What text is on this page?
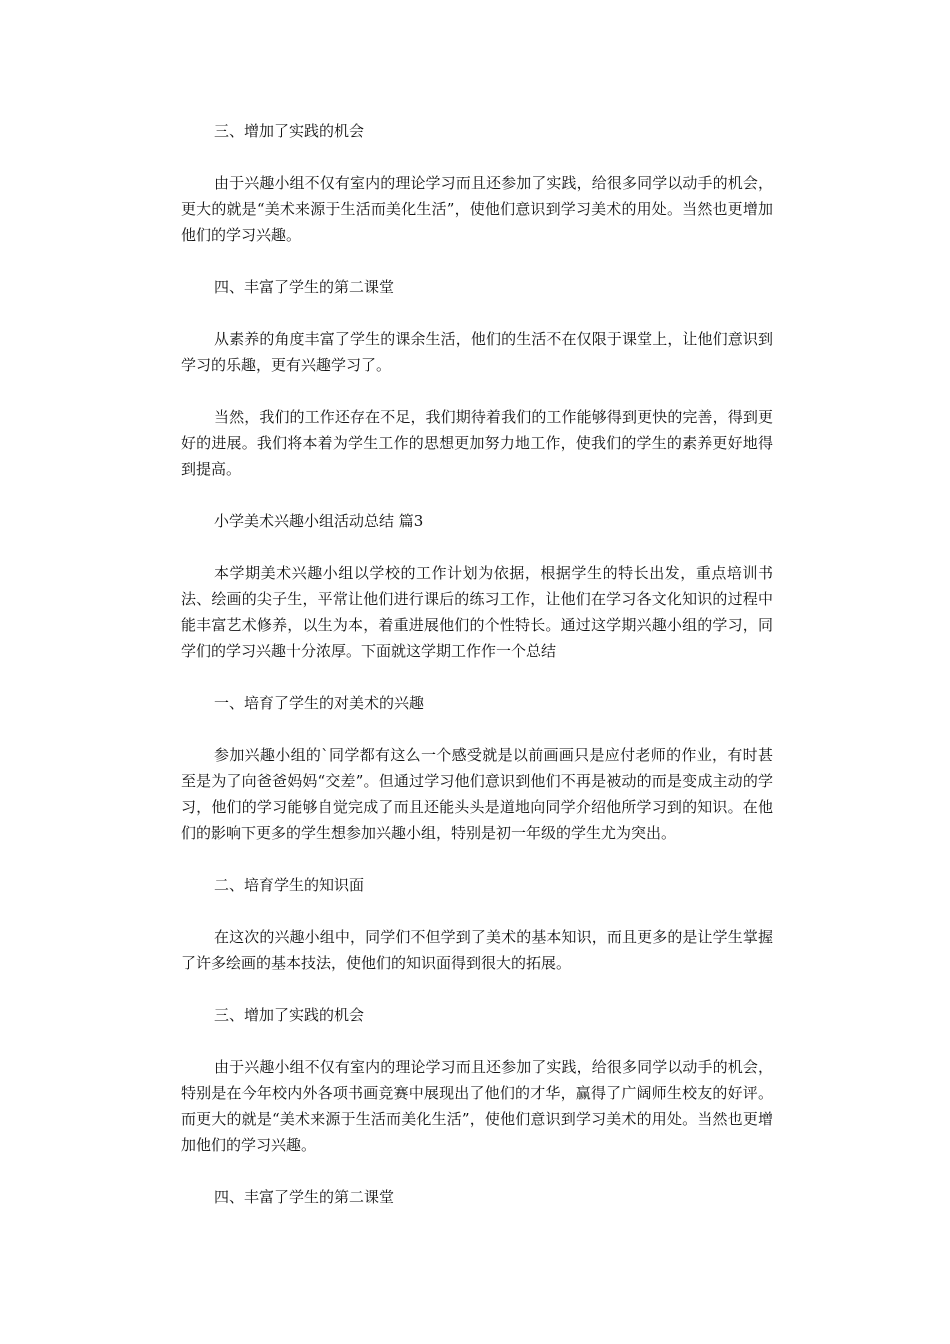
三、增加了实践的机会

由于兴趣小组不仅有室内的理论学习而且还参加了实践，给很多同学以动手的机会，更大的就是“美术来源于生活而美化生活”，使他们意识到学习美术的用处。当然也更增加他们的学习兴趣。

四、丰富了学生的第二课堂

从素养的角度丰富了学生的课余生活，他们的生活不在仅限于课堂上，让他们意识到学习的乐趣，更有兴趣学习了。

当然，我们的工作还存在不足，我们期待着我们的工作能够得到更快的完善，得到更好的进展。我们将本着为学生工作的思想更加努力地工作，使我们的学生的素养更好地得到提高。

小学美术兴趣小组活动总结 篇3

本学期美术兴趣小组以学校的工作计划为依据，根据学生的特长出发，重点培训书法、绘画的尖子生，平常让他们进行课后的练习工作，让他们在学习各文化知识的过程中能丰富艺术修养，以生为本，着重进展他们的个性特长。通过这学期兴趣小组的学习，同学们的学习兴趣十分浓厚。下面就这学期工作作一个总结

一、培育了学生的对美术的兴趣

参加兴趣小组的`同学都有这么一个感受就是以前画画只是应付老师的作业，有时甚至是为了向爸爸妈妈“交差”。但通过学习他们意识到他们不再是被动的而是变成主动的学习，他们的学习能够自觉完成了而且还能头头是道地向同学介绍他所学习到的知识。在他们的影响下更多的学生想参加兴趣小组，特别是初一年级的学生尤为突出。

二、培育学生的知识面

在这次的兴趣小组中，同学们不但学到了美术的基本知识，而且更多的是让学生掌握了许多绘画的基本技法，使他们的知识面得到很大的拓展。

三、增加了实践的机会

由于兴趣小组不仅有室内的理论学习而且还参加了实践，给很多同学以动手的机会，特别是在今年校内外各项书画竞赛中展现出了他们的才华，赢得了广阔师生校友的好评。而更大的就是“美术来源于生活而美化生活”，使他们意识到学习美术的用处。当然也更增加他们的学习兴趣。

四、丰富了学生的第二课堂
